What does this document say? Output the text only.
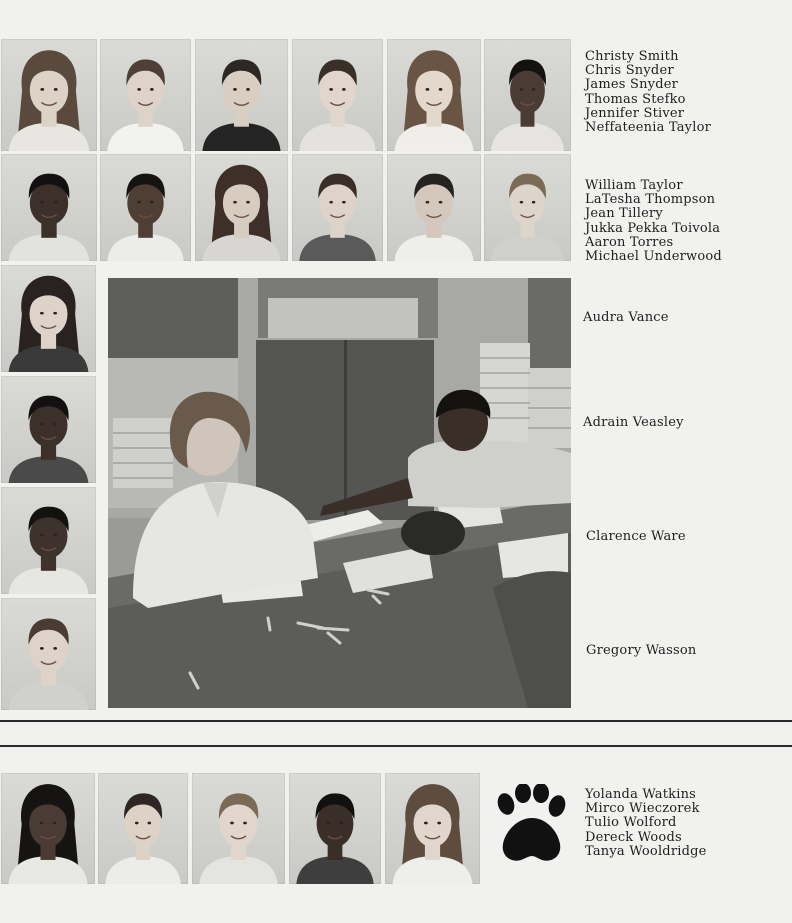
Christy Smith
Chris Snyder
James Snyder
Thomas Stefko
Jennifer Stiver
Neffateenia Taylor
William Taylor
LaTesha Thompson
Jean Tillery
Jukka Pekka Toivola
Aaron Torres
Michael Underwood
Audra Vance
Adrain Veasley
Clarence Ware
Gregory Wasson
Yolanda Watkins
Mirco Wieczorek
Tulio Wolford
Dereck Woods
Tanya Wooldridge
